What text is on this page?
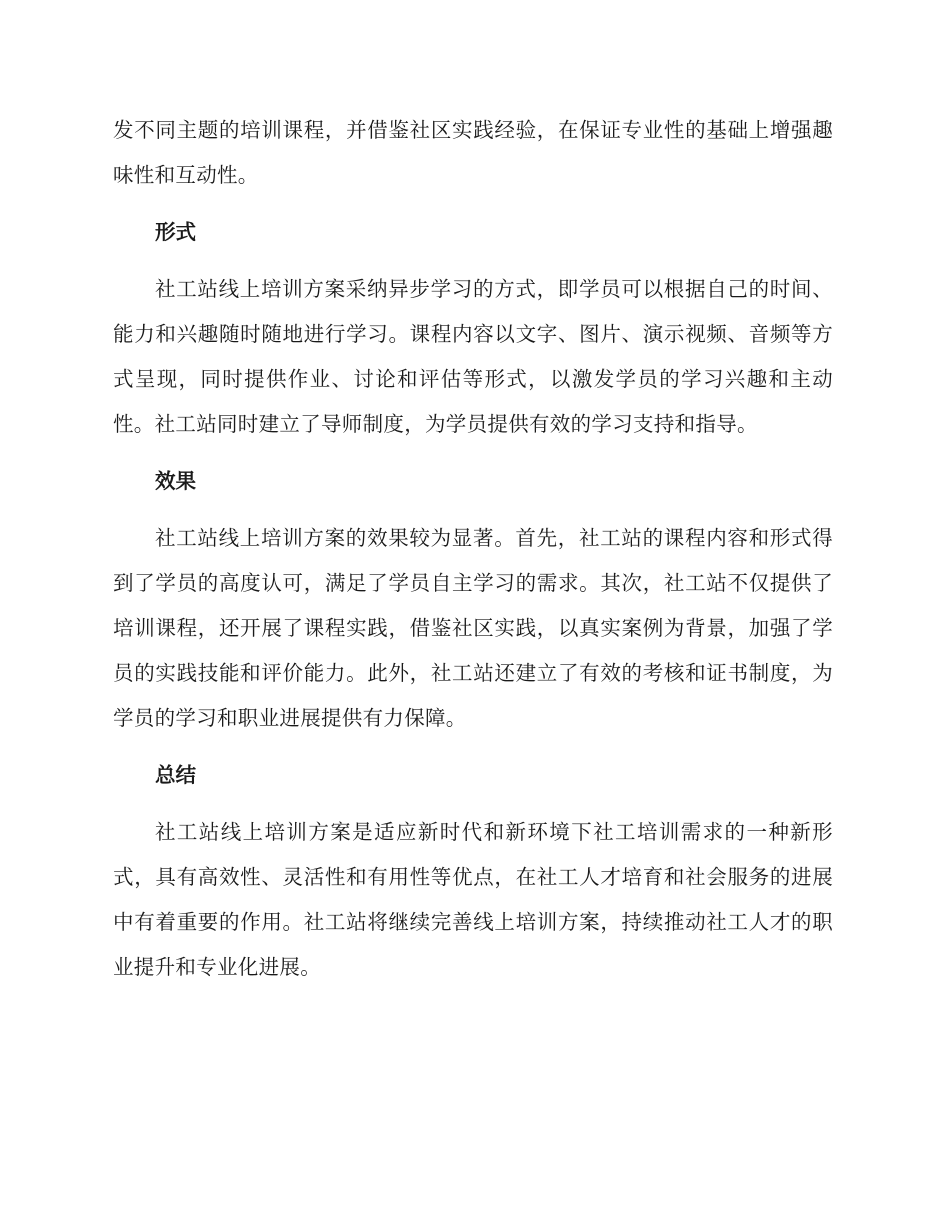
发不同主题的培训课程，并借鉴社区实践经验，在保证专业性的基础上增强趣味性和互动性。

形式

社工站线上培训方案采纳异步学习的方式，即学员可以根据自己的时间、能力和兴趣随时随地进行学习。课程内容以文字、图片、演示视频、音频等方式呈现，同时提供作业、讨论和评估等形式，以激发学员的学习兴趣和主动性。社工站同时建立了导师制度，为学员提供有效的学习支持和指导。

效果

社工站线上培训方案的效果较为显著。首先，社工站的课程内容和形式得到了学员的高度认可，满足了学员自主学习的需求。其次，社工站不仅提供了培训课程，还开展了课程实践，借鉴社区实践，以真实案例为背景，加强了学员的实践技能和评价能力。此外，社工站还建立了有效的考核和证书制度，为学员的学习和职业进展提供有力保障。

总结

社工站线上培训方案是适应新时代和新环境下社工培训需求的一种新形式，具有高效性、灵活性和有用性等优点，在社工人才培育和社会服务的进展中有着重要的作用。社工站将继续完善线上培训方案，持续推动社工人才的职业提升和专业化进展。
